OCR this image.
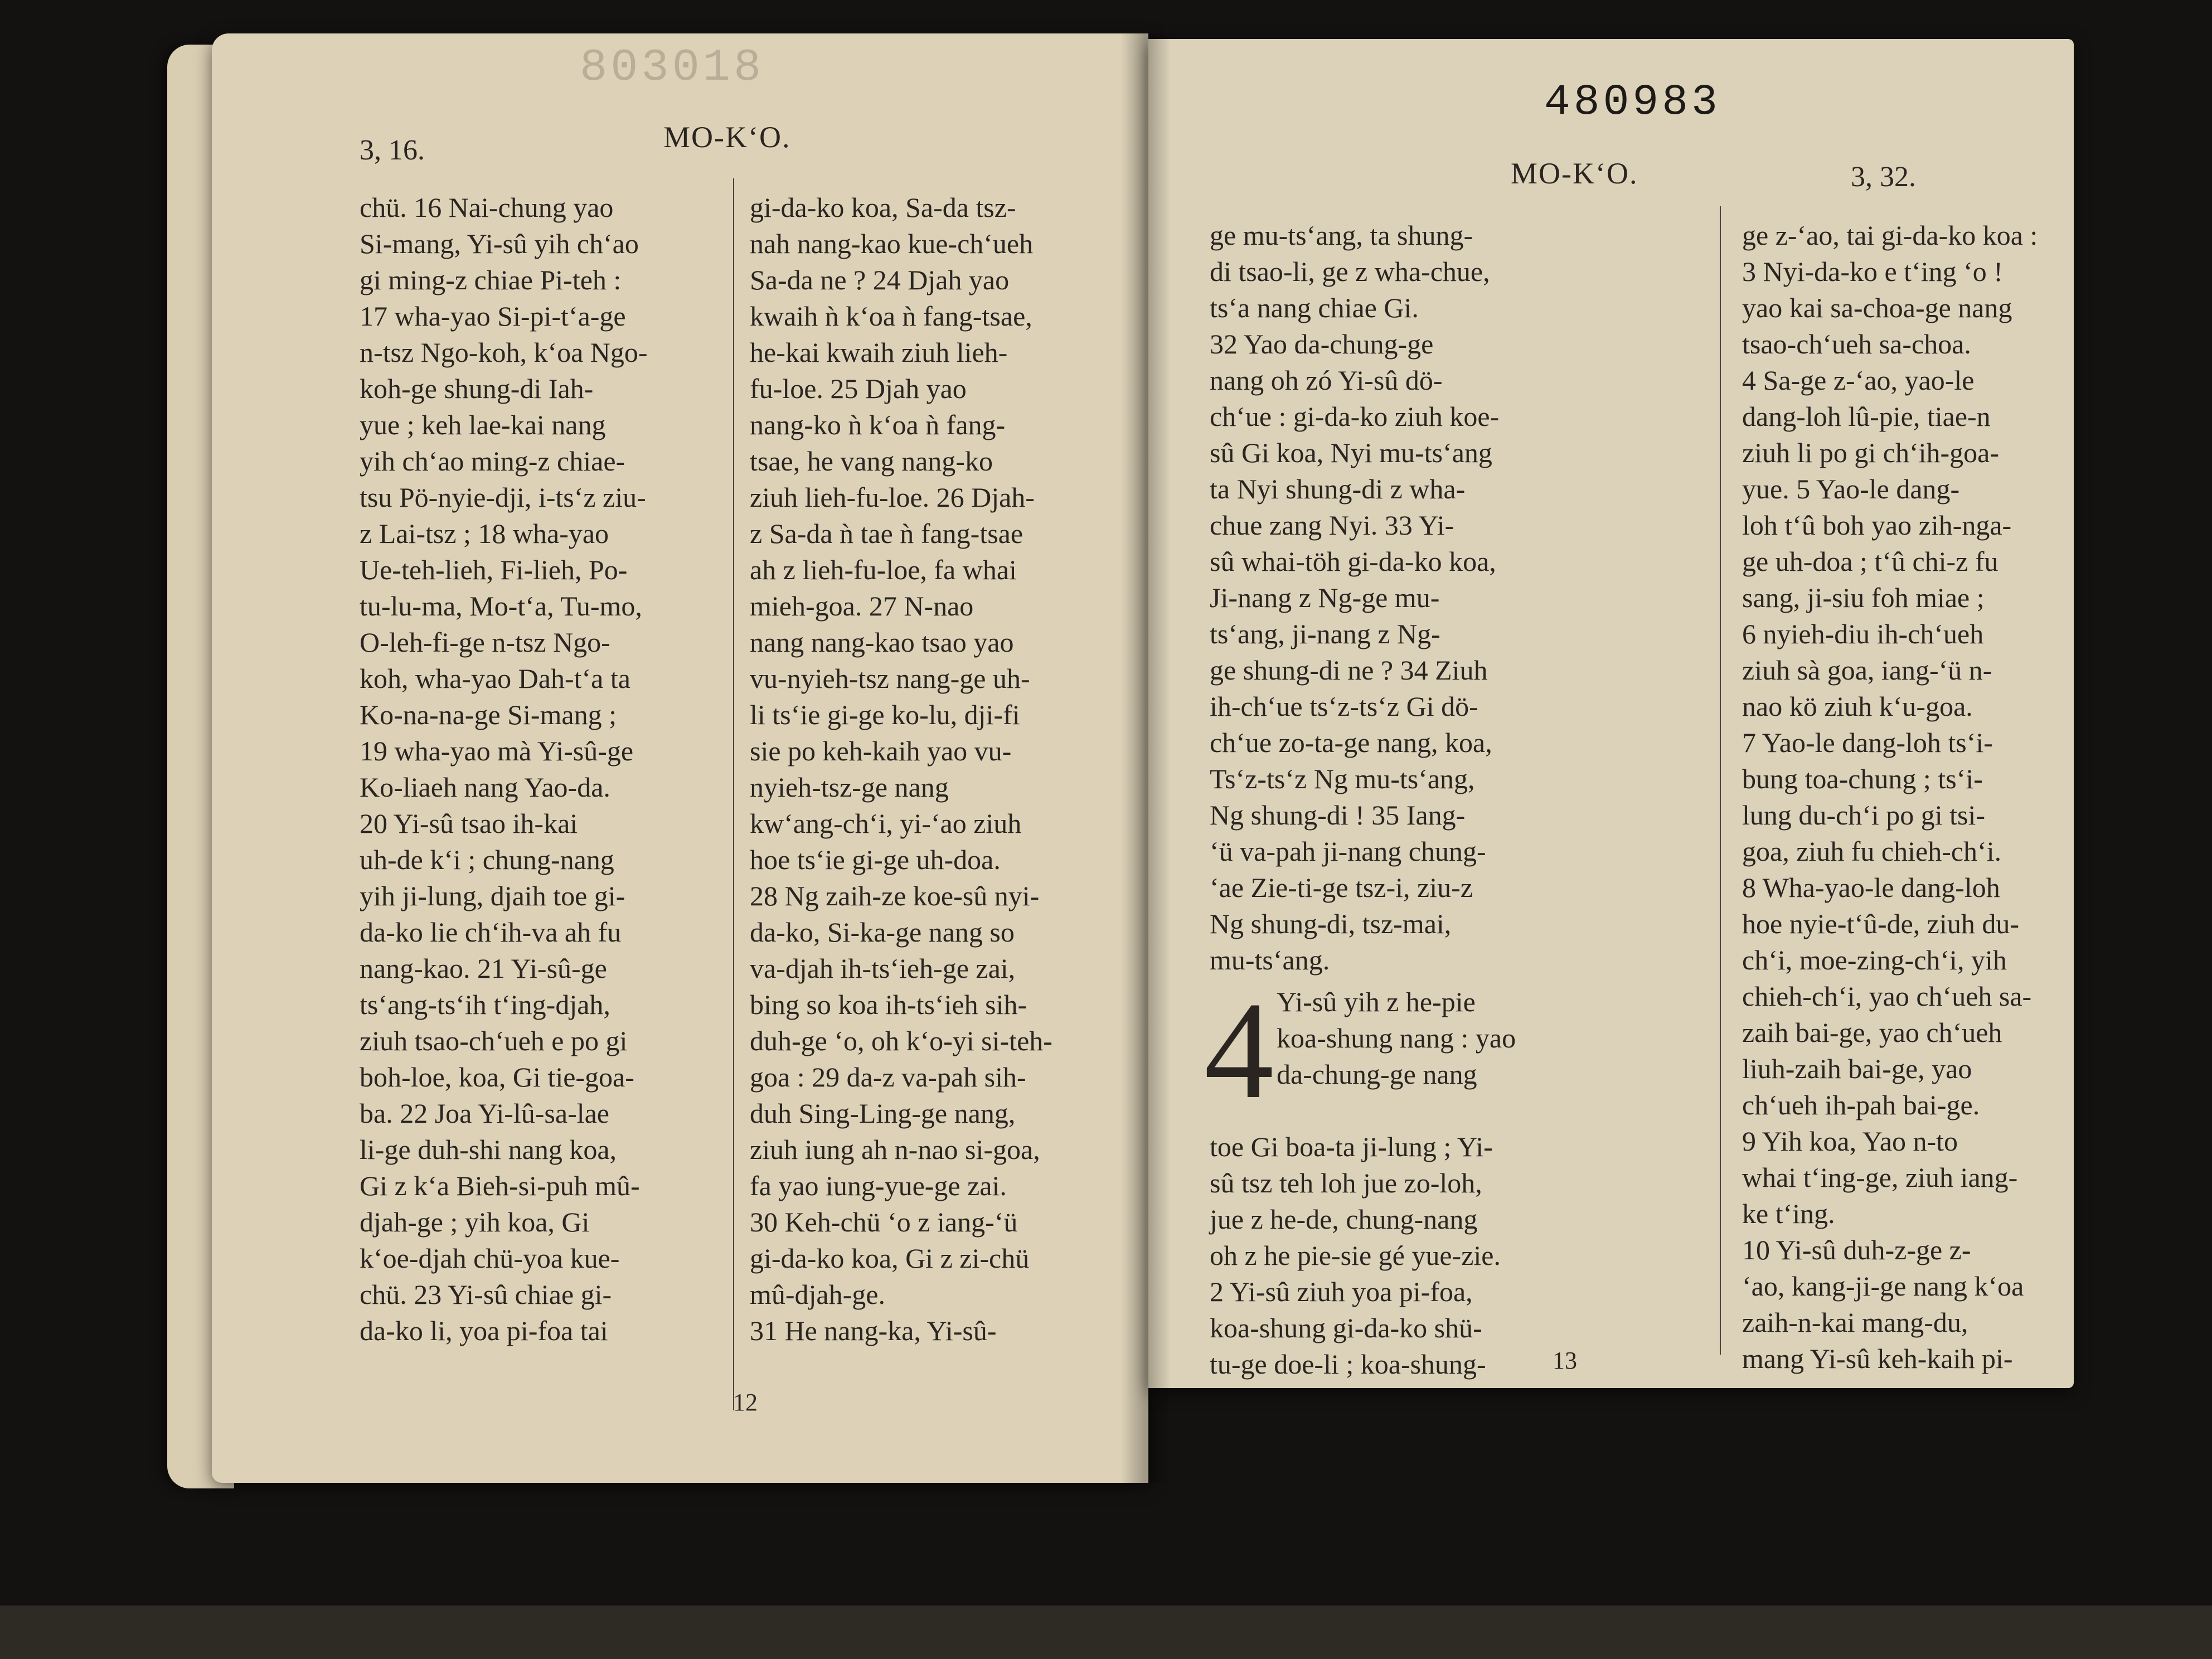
803018
3, 16.	MO-K‘O.
chü. 16 Nai-chung yao
Si-mang, Yi-sû yih ch‘ao
gi ming-z chiae Pi-teh :
17 wha-yao Si-pi-t‘a-ge
n-tsz Ngo-koh, k‘oa Ngo-
koh-ge shung-di Iah-
yue ; keh lae-kai nang
yih ch‘ao ming-z chiae-
tsu Pö-nyie-dji, i-ts‘z ziu-
z Lai-tsz ; 18 wha-yao
Ue-teh-lieh, Fi-lieh, Po-
tu-lu-ma, Mo-t‘a, Tu-mo,
O-leh-fi-ge n-tsz Ngo-
koh, wha-yao Dah-t‘a ta
Ko-na-na-ge Si-mang ;
19 wha-yao mà Yi-sû-ge
Ko-liaeh nang Yao-da.
20 Yi-sû tsao ih-kai
uh-de k‘i ; chung-nang
yih ji-lung, djaih toe gi-
da-ko lie ch‘ih-va ah fu
nang-kao. 21 Yi-sû-ge
ts‘ang-ts‘ih t‘ing-djah,
ziuh tsao-ch‘ueh e po gi
boh-loe, koa, Gi tie-goa-
ba. 22 Joa Yi-lû-sa-lae
li-ge duh-shi nang koa,
Gi z k‘a Bieh-si-puh mû-
djah-ge ; yih koa, Gi
k‘oe-djah chü-yoa kue-
chü. 23 Yi-sû chiae gi-
da-ko li, yoa pi-foa tai
gi-da-ko koa, Sa-da tsz-
nah nang-kao kue-ch‘ueh
Sa-da ne ? 24 Djah yao
kwaih ǹ k‘oa ǹ fang-tsae,
he-kai kwaih ziuh lieh-
fu-loe. 25 Djah yao
nang-ko ǹ k‘oa ǹ fang-
tsae, he vang nang-ko
ziuh lieh-fu-loe. 26 Djah-
z Sa-da ǹ tae ǹ fang-tsae
ah z lieh-fu-loe, fa whai
mieh-goa. 27 N-nao
nang nang-kao tsao yao
vu-nyieh-tsz nang-ge uh-
li ts‘ie gi-ge ko-lu, dji-fi
sie po keh-kaih yao vu-
nyieh-tsz-ge nang
kw‘ang-ch‘i, yi-‘ao ziuh
hoe ts‘ie gi-ge uh-doa.
28 Ng zaih-ze koe-sû nyi-
da-ko, Si-ka-ge nang so
va-djah ih-ts‘ieh-ge zai,
bing so koa ih-ts‘ieh sih-
duh-ge ‘o, oh k‘o-yi si-teh-
goa : 29 da-z va-pah sih-
duh Sing-Ling-ge nang,
ziuh iung ah n-nao si-goa,
fa yao iung-yue-ge zai.
30 Keh-chü ‘o z iang-‘ü
gi-da-ko koa, Gi z zi-chü
mû-djah-ge.
31 He nang-ka, Yi-sû-
12
480983
MO-K‘O.	3, 32.
ge mu-ts‘ang, ta shung-
di tsao-li, ge z wha-chue,
ts‘a nang chiae Gi.
32 Yao da-chung-ge
nang oh zó Yi-sû dö-
ch‘ue : gi-da-ko ziuh koe-
sû Gi koa, Nyi mu-ts‘ang
ta Nyi shung-di z wha-
chue zang Nyi. 33 Yi-
sû whai-töh gi-da-ko koa,
Ji-nang z Ng-ge mu-
ts‘ang, ji-nang z Ng-
ge shung-di ne ? 34 Ziuh
ih-ch‘ue ts‘z-ts‘z Gi dö-
ch‘ue zo-ta-ge nang, koa,
Ts‘z-ts‘z Ng mu-ts‘ang,
Ng shung-di ! 35 Iang-
‘ü va-pah ji-nang chung-
‘ae Zie-ti-ge tsz-i, ziu-z
Ng shung-di, tsz-mai,
mu-ts‘ang.
4 Yi-sû yih z he-pie
koa-shung nang : yao
da-chung-ge nang
toe Gi boa-ta ji-lung ; Yi-
sû tsz teh loh jue zo-loh,
jue z he-de, chung-nang
oh z he pie-sie gé yue-zie.
2 Yi-sû ziuh yoa pi-foa,
koa-shung gi-da-ko shü-
tu-ge doe-li ; koa-shung-
ge z-‘ao, tai gi-da-ko koa :
3 Nyi-da-ko e t‘ing ‘o !
yao kai sa-choa-ge nang
tsao-ch‘ueh sa-choa.
4 Sa-ge z-‘ao, yao-le
dang-loh lû-pie, tiae-n
ziuh li po gi ch‘ih-goa-
yue. 5 Yao-le dang-
loh t‘û boh yao zih-nga-
ge uh-doa ; t‘û chi-z fu
sang, ji-siu foh miae ;
6 nyieh-diu ih-ch‘ueh
ziuh sà goa, iang-‘ü n-
nao kö ziuh k‘u-goa.
7 Yao-le dang-loh ts‘i-
bung toa-chung ; ts‘i-
lung du-ch‘i po gi tsi-
goa, ziuh fu chieh-ch‘i.
8 Wha-yao-le dang-loh
hoe nyie-t‘û-de, ziuh du-
ch‘i, moe-zing-ch‘i, yih
chieh-ch‘i, yao ch‘ueh sa-
zaih bai-ge, yao ch‘ueh
liuh-zaih bai-ge, yao
ch‘ueh ih-pah bai-ge.
9 Yih koa, Yao n-to
whai t‘ing-ge, ziuh iang-
ke t‘ing.
10 Yi-sû duh-z-ge z-
‘ao, kang-ji-ge nang k‘oa
zaih-n-kai mang-du,
mang Yi-sû keh-kaih pi-
13
